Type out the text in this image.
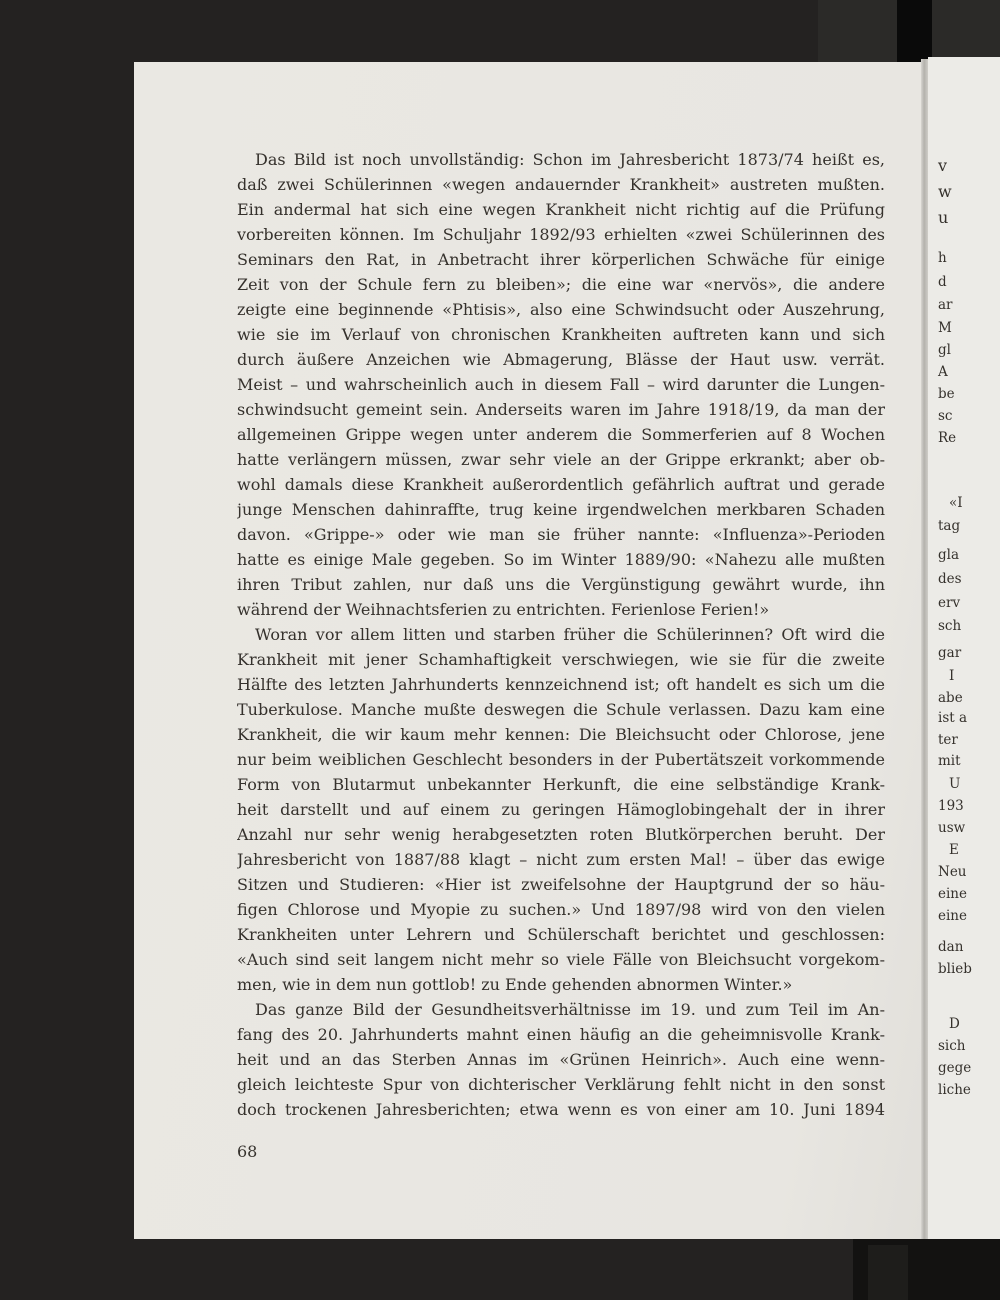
Das Bild ist noch unvollständig: Schon im Jahresbericht 1873/74 heißt es,
daß zwei Schülerinnen «wegen andauernder Krankheit» austreten mußten.
Ein andermal hat sich eine wegen Krankheit nicht richtig auf die Prüfung
vorbereiten können. Im Schuljahr 1892/93 erhielten «zwei Schülerinnen des
Seminars den Rat, in Anbetracht ihrer körperlichen Schwäche für einige
Zeit von der Schule fern zu bleiben»; die eine war «nervös», die andere
zeigte eine beginnende «Phtisis», also eine Schwindsucht oder Auszehrung,
wie sie im Verlauf von chronischen Krankheiten auftreten kann und sich
durch äußere Anzeichen wie Abmagerung, Blässe der Haut usw. verrät.
Meist – und wahrscheinlich auch in diesem Fall – wird darunter die Lungen-
schwindsucht gemeint sein. Anderseits waren im Jahre 1918/19, da man der
allgemeinen Grippe wegen unter anderem die Sommerferien auf 8 Wochen
hatte verlängern müssen, zwar sehr viele an der Grippe erkrankt; aber ob-
wohl damals diese Krankheit außerordentlich gefährlich auftrat und gerade
junge Menschen dahinraffte, trug keine irgendwelchen merkbaren Schaden
davon. «Grippe-» oder wie man sie früher nannte: «Influenza»-Perioden
hatte es einige Male gegeben. So im Winter 1889/90: «Nahezu alle mußten
ihren Tribut zahlen, nur daß uns die Vergünstigung gewährt wurde, ihn
während der Weihnachtsferien zu entrichten. Ferienlose Ferien!»
Woran vor allem litten und starben früher die Schülerinnen? Oft wird die
Krankheit mit jener Schamhaftigkeit verschwiegen, wie sie für die zweite
Hälfte des letzten Jahrhunderts kennzeichnend ist; oft handelt es sich um die
Tuberkulose. Manche mußte deswegen die Schule verlassen. Dazu kam eine
Krankheit, die wir kaum mehr kennen: Die Bleichsucht oder Chlorose, jene
nur beim weiblichen Geschlecht besonders in der Pubertätszeit vorkommende
Form von Blutarmut unbekannter Herkunft, die eine selbständige Krank-
heit darstellt und auf einem zu geringen Hämoglobingehalt der in ihrer
Anzahl nur sehr wenig herabgesetzten roten Blutkörperchen beruht. Der
Jahresbericht von 1887/88 klagt – nicht zum ersten Mal! – über das ewige
Sitzen und Studieren: «Hier ist zweifelsohne der Hauptgrund der so häu-
figen Chlorose und Myopie zu suchen.» Und 1897/98 wird von den vielen
Krankheiten unter Lehrern und Schülerschaft berichtet und geschlossen:
«Auch sind seit langem nicht mehr so viele Fälle von Bleichsucht vorgekom-
men, wie in dem nun gottlob! zu Ende gehenden abnormen Winter.»
Das ganze Bild der Gesundheitsverhältnisse im 19. und zum Teil im An-
fang des 20. Jahrhunderts mahnt einen häufig an die geheimnisvolle Krank-
heit und an das Sterben Annas im «Grünen Heinrich». Auch eine wenn-
gleich leichteste Spur von dichterischer Verklärung fehlt nicht in den sonst
doch trockenen Jahresberichten; etwa wenn es von einer am 10. Juni 1894
68
v
w
u
h
d
ar
M
gl
A
be
sc
Re
«I
tag
gla
des
erv
sch
gar
I
abe
ist a
ter
mit
U
193
usw
E
Neu
eine
eine
dan
blieb
D
sich
gege
liche
